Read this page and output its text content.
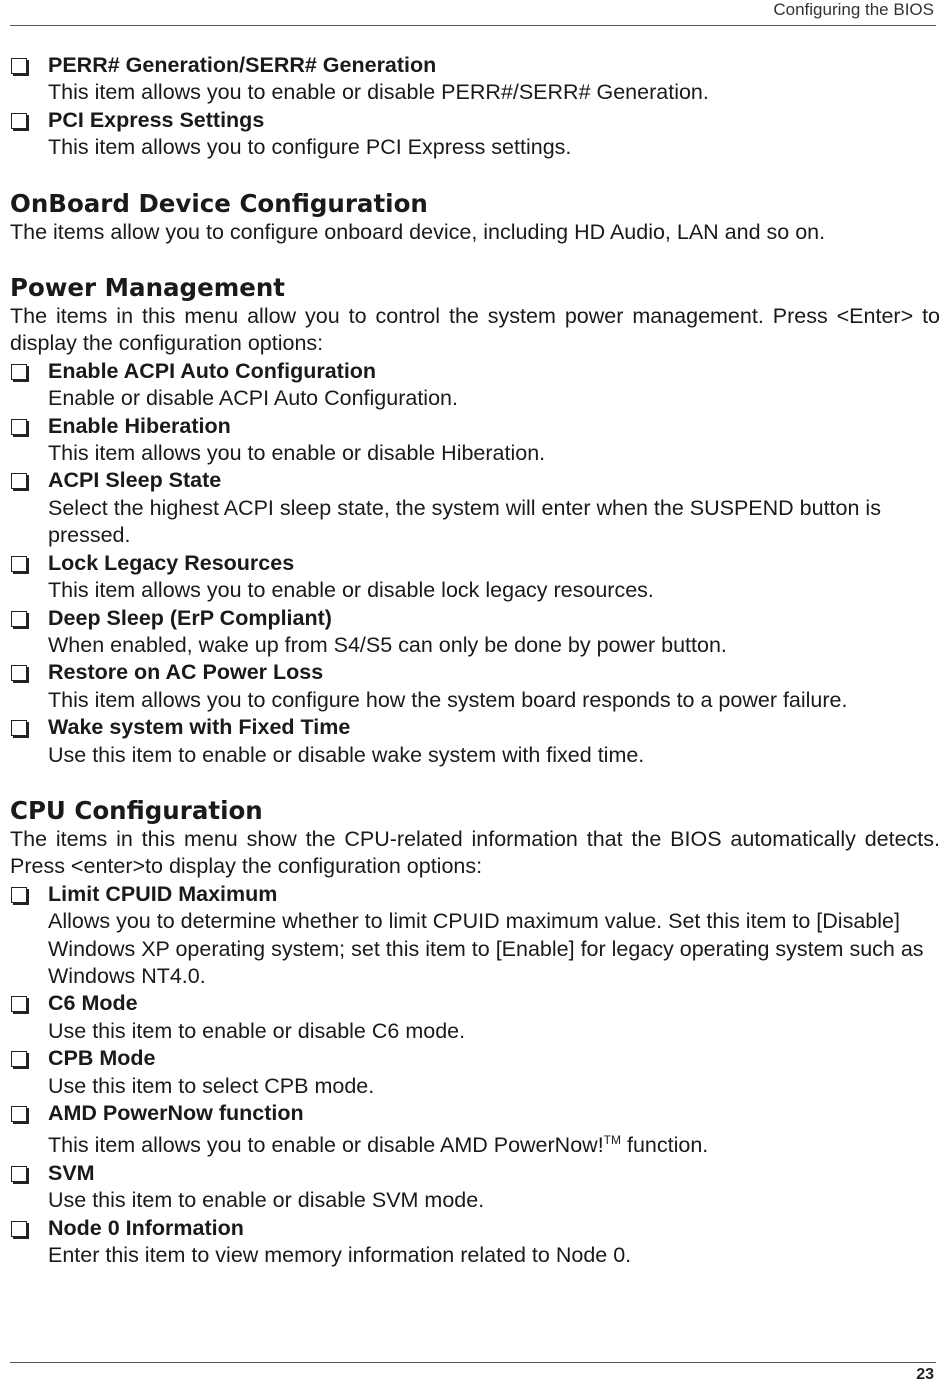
Configuring the BIOS
PERR# Generation/SERR# Generation
This item allows you to enable or disable PERR#/SERR# Generation.
PCI Express Settings
This item allows you to configure PCI Express settings.
OnBoard Device Configuration
The items allow you to configure onboard device, including HD Audio, LAN and so on.
Power Management
The items in this menu allow you to control the system power management. Press <Enter> to display the configuration options:
Enable ACPI Auto Configuration
Enable or disable ACPI Auto Configuration.
Enable Hiberation
This item allows you to enable or disable Hiberation.
ACPI Sleep State
Select the highest ACPI sleep state, the system will enter when the SUSPEND button is pressed.
Lock Legacy Resources
This item allows you to enable or disable lock legacy resources.
Deep Sleep (ErP Compliant)
When enabled, wake up from S4/S5 can only be done by power button.
Restore on AC Power Loss
This item allows you to configure how the system board responds to a power failure.
Wake system with Fixed Time
Use this item to enable or disable wake system with fixed time.
CPU Configuration
The items in this menu show the CPU-related information that the BIOS automatically detects. Press <enter>to display the configuration options:
Limit CPUID Maximum
Allows you to determine whether to limit CPUID maximum value. Set this item to [Disable] Windows XP operating system; set this item to [Enable] for legacy operating system such as Windows NT4.0.
C6 Mode
Use this item to enable or disable C6 mode.
CPB Mode
Use this item to select CPB mode.
AMD PowerNow function
This item allows you to enable or disable AMD PowerNow!™ function.
SVM
Use this item to enable or disable SVM mode.
Node 0 Information
Enter this item to view memory information related to Node 0.
23
